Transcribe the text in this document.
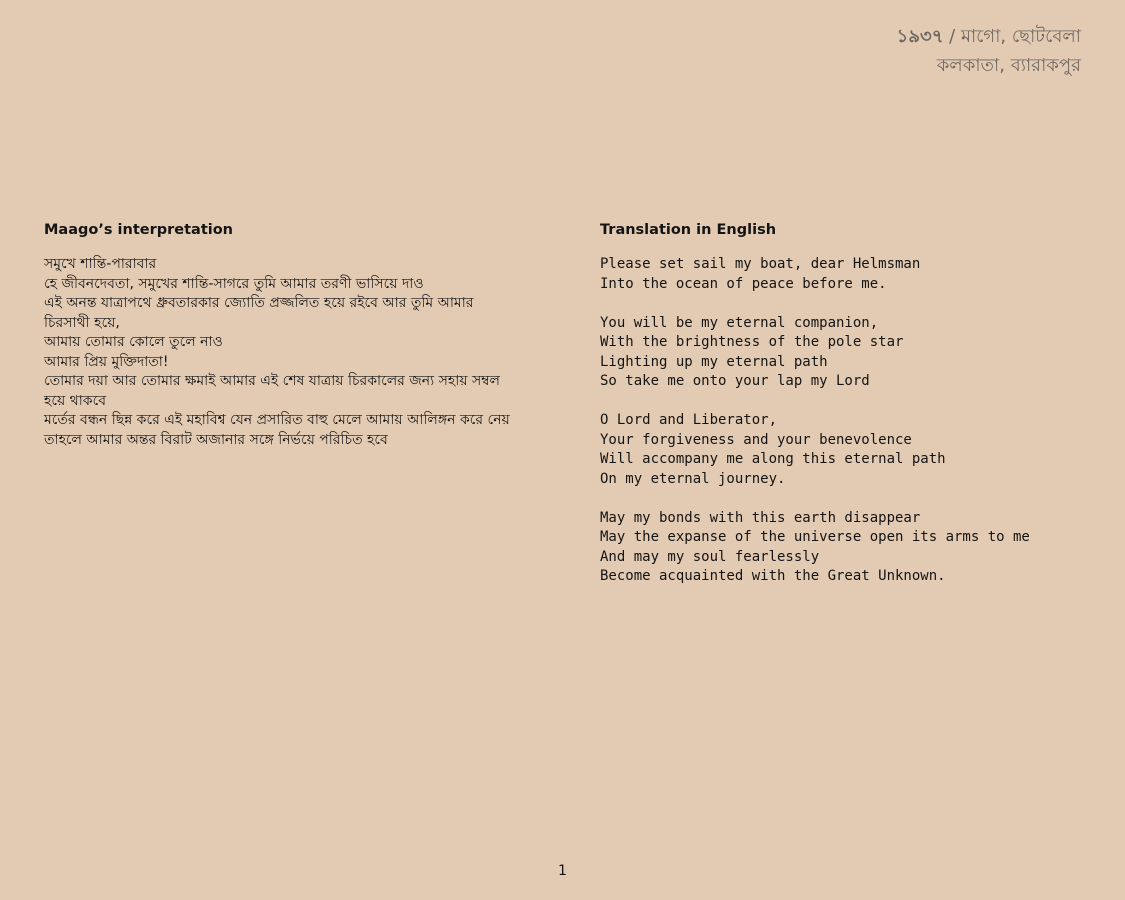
১৯৩৭ / মাগো, ছোটবেলা
কলকাতা, ব্যারাকপুর
Maago’s interpretation
সমুখে শান্তি-পারাবার
হে জীবনদেবতা, সমুখের শান্তি-সাগরে তুমি আমার তরণী ভাসিয়ে দাও
এই অনন্ত যাত্রাপথে ধ্রুবতারকার জ্যোতি প্রজ্জলিত হয়ে রইবে আর তুমি আমার চিরসাথী হয়ে,
আমায় তোমার কোলে তুলে নাও
আমার প্রিয় মুক্তিদাতা!
তোমার দয়া আর তোমার ক্ষমাই আমার এই শেষ যাত্রায় চিরকালের জন্য সহায় সম্বল হয়ে থাকবে
মর্তের বন্ধন ছিন্ন করে এই মহাবিশ্ব যেন প্রসারিত বাহু মেলে আমায় আলিঙ্গন করে নেয়
তাহলে আমার অন্তর বিরাট অজানার সঙ্গে নির্ভয়ে পরিচিত হবে
Translation in English
Please set sail my boat, dear Helmsman
Into the ocean of peace before me.
You will be my eternal companion,
With the brightness of the pole star
Lighting up my eternal path
So take me onto your lap my Lord
O Lord and Liberator,
Your forgiveness and your benevolence
Will accompany me along this eternal path
On my eternal journey.
May my bonds with this earth disappear
May the expanse of the universe open its arms to me
And may my soul fearlessly
Become acquainted with the Great Unknown.
1
